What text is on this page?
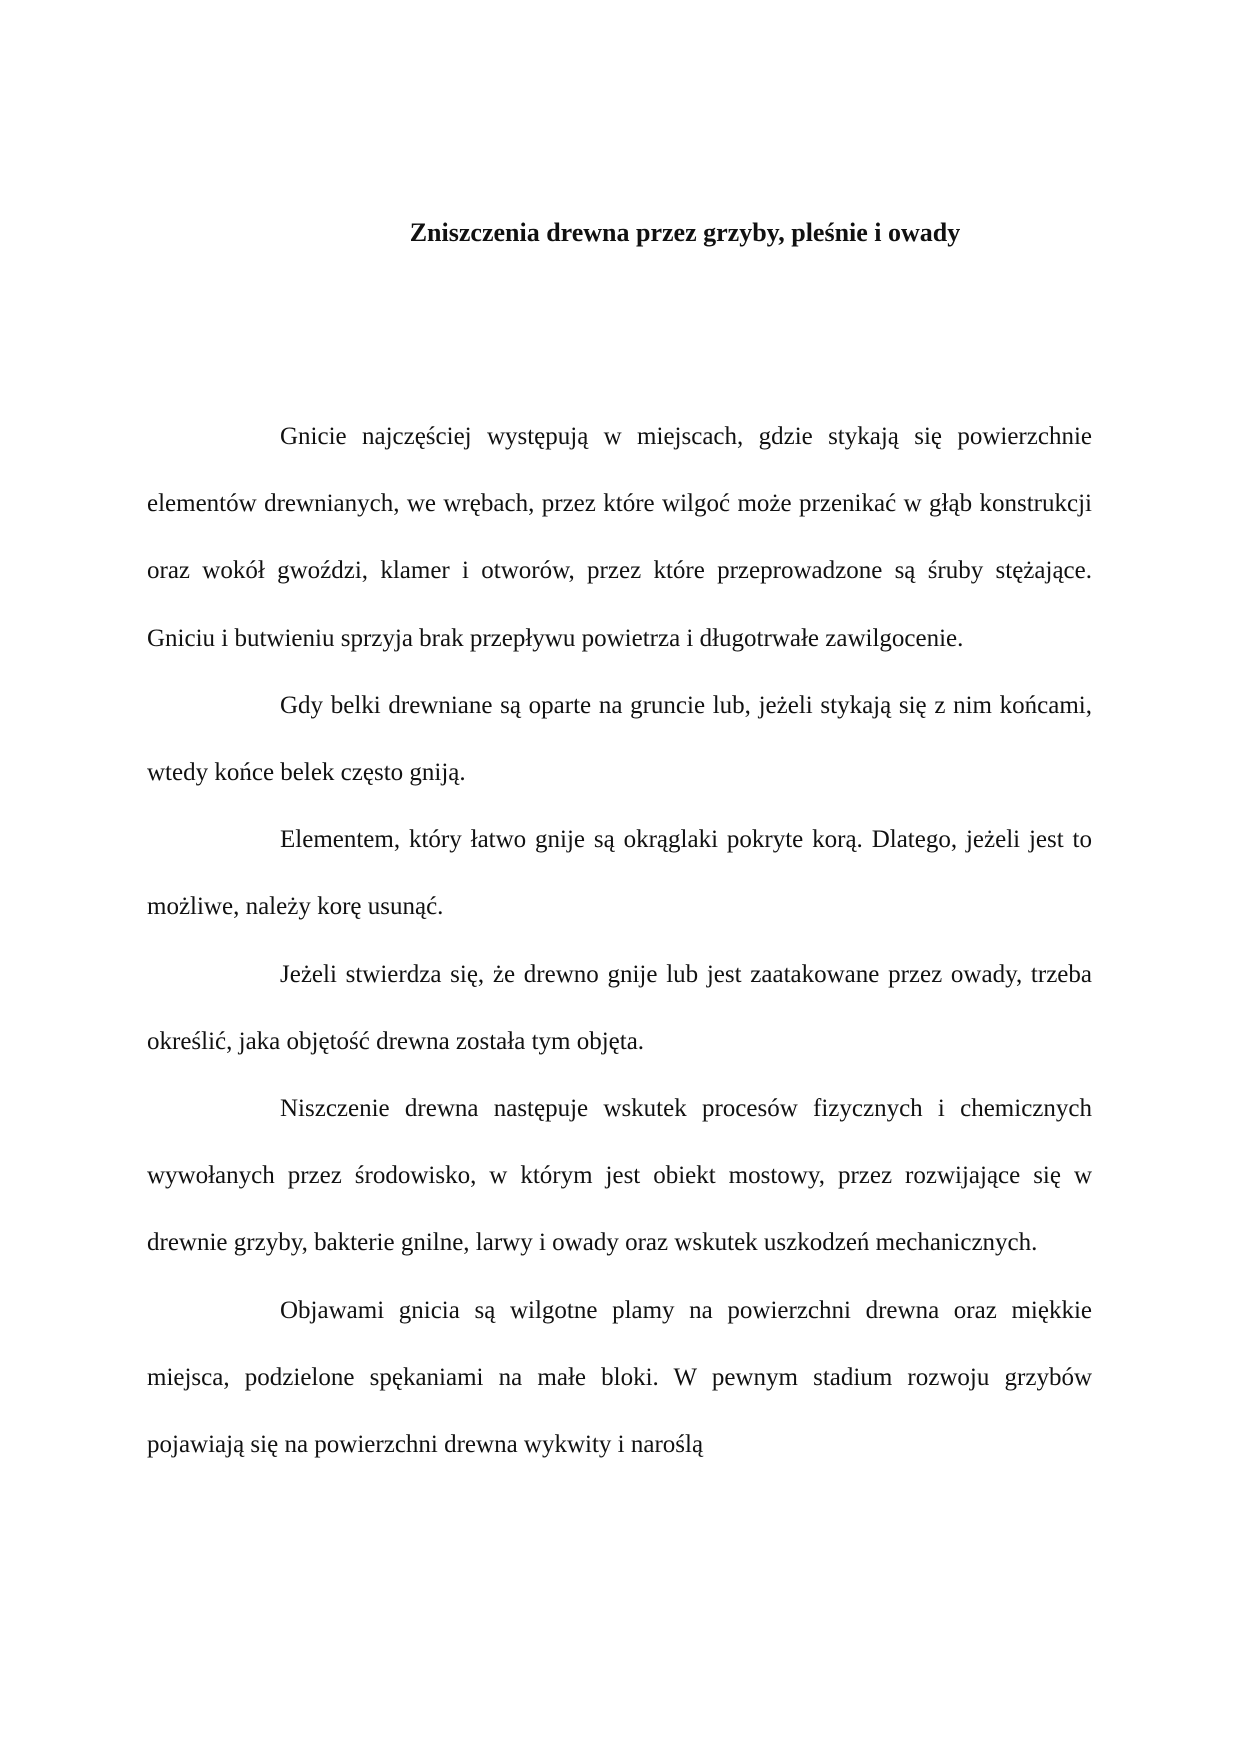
Zniszczenia drewna przez grzyby, pleśnie i owady

Gnicie najczęściej występują w miejscach, gdzie stykają się powierzchnie elementów drewnianych, we wrębach, przez które wilgoć może przenikać w głąb konstrukcji oraz wokół gwoździ, klamer i otworów, przez które przeprowadzone są śruby stężające. Gniciu i butwieniu sprzyja brak przepływu powietrza i długotrwałe zawilgocenie.

Gdy belki drewniane są oparte na gruncie lub, jeżeli stykają się z nim końcami, wtedy końce belek często gniją.

Elementem, który łatwo gnije są okrąglaki pokryte korą. Dlatego, jeżeli jest to możliwe, należy korę usunąć.

Jeżeli stwierdza się, że drewno gnije lub jest zaatakowane przez owady, trzeba określić, jaka objętość drewna została tym objęta.

Niszczenie drewna następuje wskutek procesów fizycznych i chemicznych wywołanych przez środowisko, w którym jest obiekt mostowy, przez rozwijające się w drewnie grzyby, bakterie gnilne, larwy i owady oraz wskutek uszkodzeń mechanicznych.

Objawami gnicia są wilgotne plamy na powierzchni drewna oraz miękkie miejsca, podzielone spękaniami na małe bloki. W pewnym stadium rozwoju grzybów pojawiają się na powierzchni drewna wykwity i naroślą
